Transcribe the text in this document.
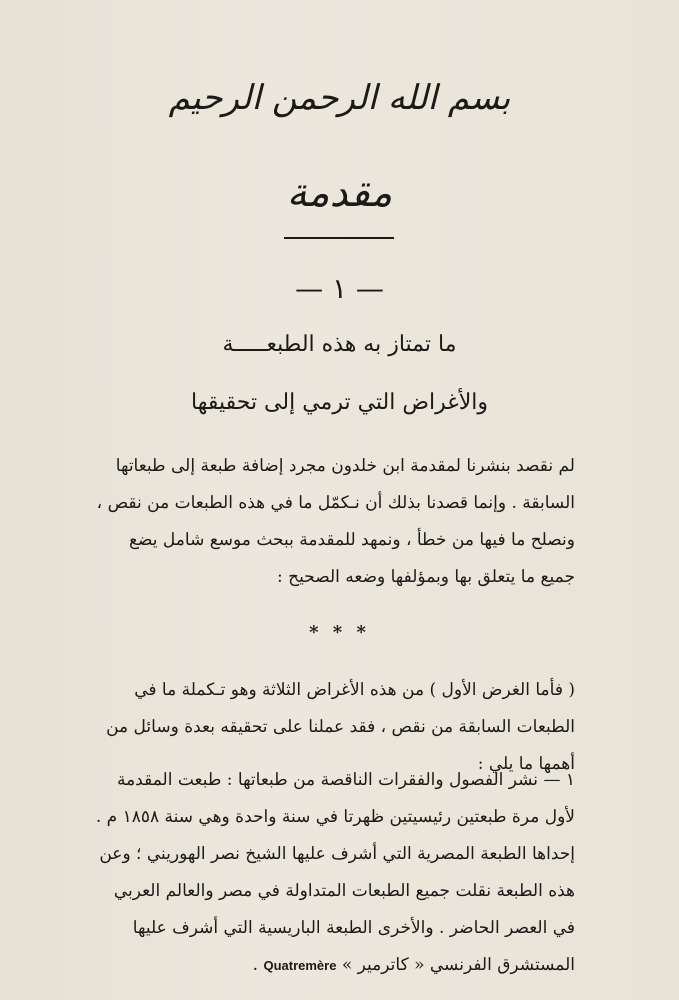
بسم الله الرحمن الرحيم
مقدمة
— ١ —
ما تمتاز به هذه الطبعـــــة
والأغراض التي ترمي إلى تحقيقها

لم نقصد بنشرنا لمقدمة ابن خلدون مجرد إضافة طبعة إلى طبعاتها السابقة . وإنما قصدنا بذلك أن نـكمّل ما في هذه الطبعات من نقص ، ونصلح ما فيها من خطأ ، ونمهد للمقدمة ببحث موسع شامل يضع جميع ما يتعلق بها وبمؤلفها وضعه الصحيح :

* * *

( فأما الغرض الأول ) من هذه الأغراض الثلاثة وهو تـكملة ما في الطبعات السابقة من نقص ، فقد عملنا على تحقيقه بعدة وسائل من أهمها ما يلي :

١ — نشر الفصول والفقرات الناقصة من طبعاتها : طبعت المقدمة لأول مرة طبعتين رئيسيتين ظهرتا في سنة واحدة وهي سنة ١٨٥٨ م . إحداها الطبعة المصرية التي أشرف عليها الشيخ نصر الهوريني ؛ وعن هذه الطبعة نقلت جميع الطبعات المتداولة في مصر والعالم العربي في العصر الحاضر . والأخرى الطبعة الباريسية التي أشرف عليها المستشرق الفرنسي « كاترمير » Quatremère .
